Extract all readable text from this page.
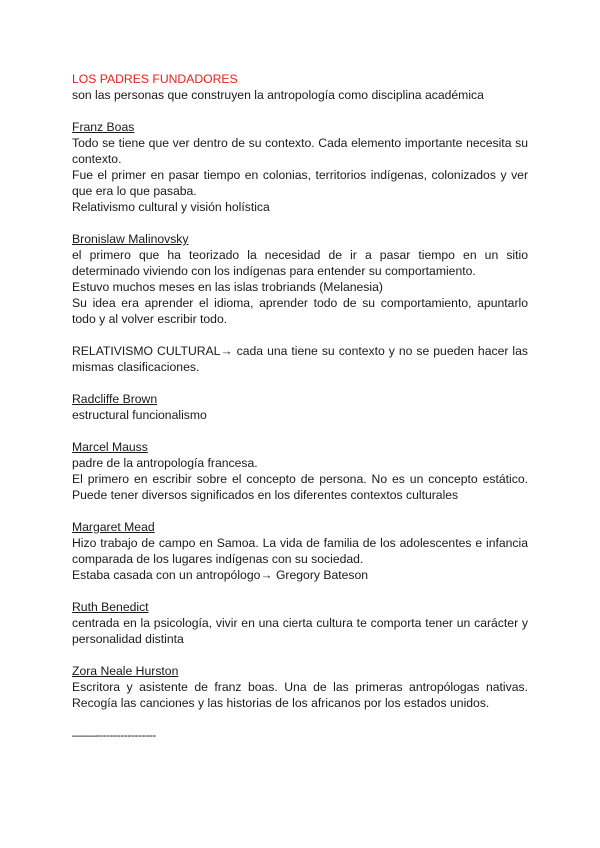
LOS PADRES FUNDADORES

son las personas que construyen la antropología como disciplina académica

Franz Boas

Todo se tiene que ver dentro de su contexto. Cada elemento importante necesita su contexto.

Fue el primer en pasar tiempo en colonias, territorios indígenas, colonizados y ver que era lo que pasaba.

Relativismo cultural y visión holística

Bronislaw Malinovsky

el primero que ha teorizado la necesidad de ir a pasar tiempo en un sitio determinado viviendo con los indígenas para entender su comportamiento.

Estuvo muchos meses en las islas trobriands (Melanesia)

Su idea era aprender el idioma, aprender todo de su comportamiento, apuntarlo todo y al volver escribir todo.

RELATIVISMO CULTURAL→ cada una tiene su contexto y no se pueden hacer las mismas clasificaciones.

Radcliffe Brown

estructural funcionalismo

Marcel Mauss

padre de la antropología francesa.

El primero en escribir sobre el concepto de persona. No es un concepto estático. Puede tener diversos significados en los diferentes contextos culturales

Margaret Mead

Hizo trabajo de campo en Samoa. La vida de familia de los adolescentes e infancia comparada de los lugares indígenas con su sociedad.

Estaba casada con un antropólogo→ Gregory Bateson

Ruth Benedict

centrada en la psicología, vivir en una cierta cultura te comporta tener un carácter y personalidad distinta

Zora Neale Hurston

Escritora y asistente de franz boas. Una de las primeras antropólogas nativas. Recogía las canciones y las historias de los africanos por los estados unidos.

——-----------------
